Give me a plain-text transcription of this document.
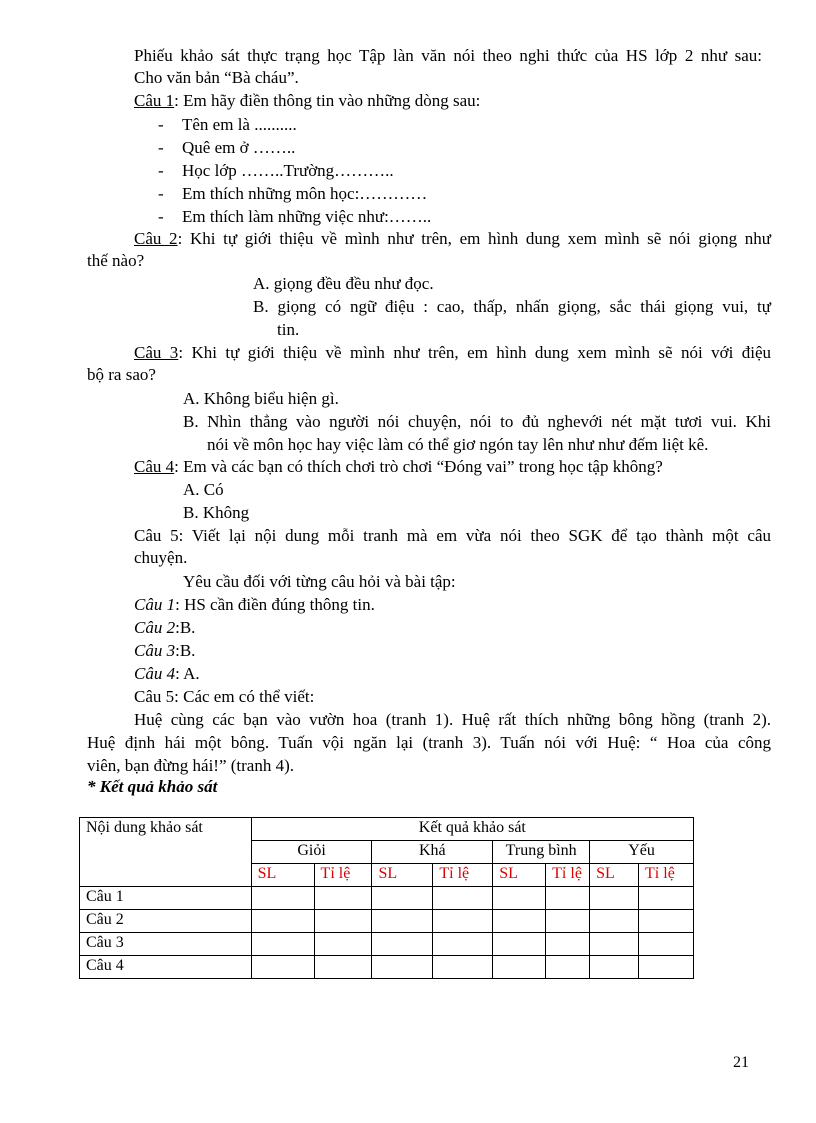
Phiếu khảo sát thực trạng học Tập làn văn nói theo nghi thức của HS lớp 2 như sau:
Cho văn bản “Bà cháu”.
Câu 1: Em hãy điền thông tin vào những dòng sau:
- Tên em là ..........
- Quê em ở ……..
- Học lớp ……..Trường………..
- Em thích những môn học:…………
- Em thích làm những việc như:……..
Câu 2: Khi tự giới thiệu về mình như trên, em hình dung xem mình sẽ nói giọng như
thế nào?
A. giọng đều đều như đọc.
B. giọng có ngữ điệu : cao, thấp, nhấn giọng, sắc thái giọng vui, tự
tin.
Câu 3: Khi tự giới thiệu về mình như trên, em hình dung xem mình sẽ nói với điệu
bộ ra sao?
A. Không biểu hiện gì.
B. Nhìn thẳng vào người nói chuyện, nói to đủ nghevới nét mặt tươi vui. Khi
nói về môn học hay việc làm có thể giơ ngón tay lên như như đếm liệt kê.
Câu 4: Em và các bạn có thích chơi trò chơi “Đóng vai” trong học tập không?
A. Có
B. Không
Câu 5: Viết lại nội dung mỗi tranh mà em vừa nói theo SGK để tạo thành một câu
chuyện.
Yêu cầu đối với từng câu hỏi và bài tập:
Câu 1: HS cần điền đúng thông tin.
Câu 2:B.
Câu 3:B.
Câu 4: A.
Câu 5: Các em có thể viết:
Huệ cùng các bạn vào vườn hoa (tranh 1). Huệ rất thích những bông hồng (tranh 2).
Huệ định hái một bông. Tuấn vội ngăn lại (tranh 3). Tuấn nói với Huệ: “ Hoa của công
viên, bạn đừng hái!” (tranh 4).
* Kết quả khảo sát
Nội dung khảo sát	Kết quả khảo sát							
	Giỏi		Khá		Trung bình		Yếu	
	SL	Tỉ lệ	SL	Tỉ lệ	SL	Tỉ lệ	SL	Tỉ lệ
Câu 1								
Câu 2								
Câu 3								
Câu 4								
21
